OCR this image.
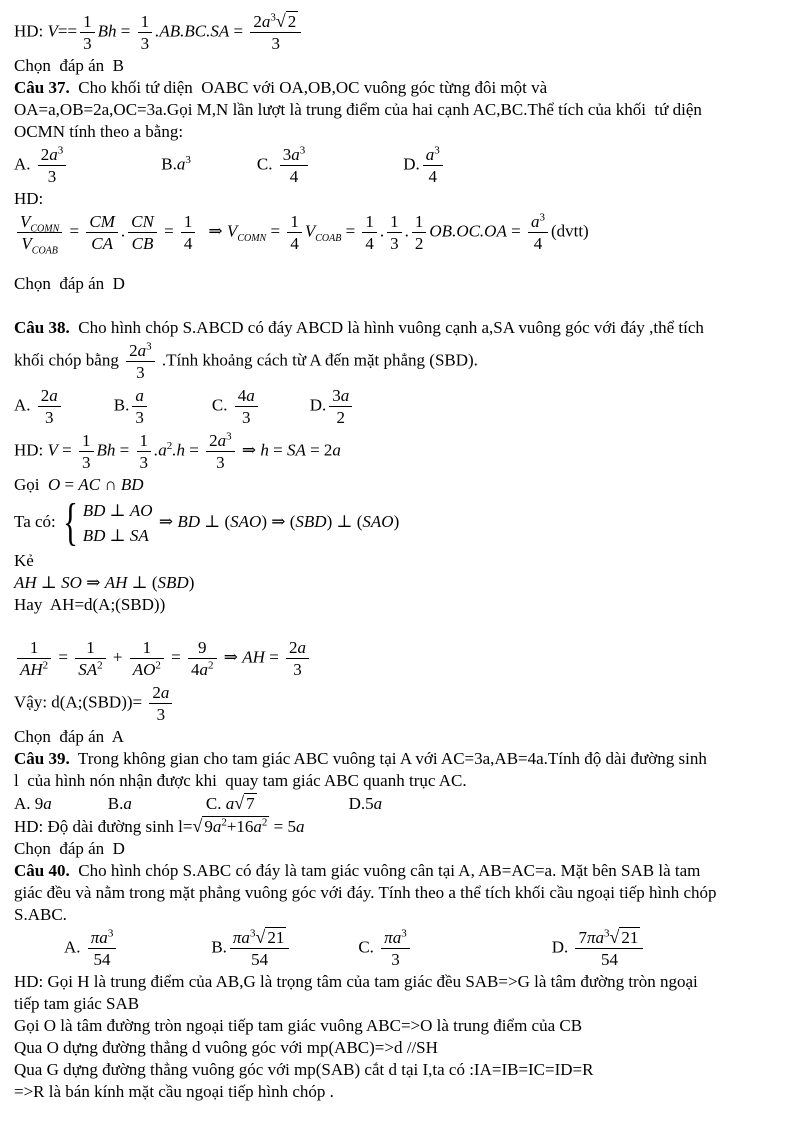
HD: $V== \frac{1}{3}$ $Bh = \frac{1}{3} .AB.BC.SA = \frac{2a^3√ 2}{3}$
Chọn  đáp án  B
Câu 37.  Cho khối tứ diện  OABC với OA,OB,OC vuông góc từng đôi một và
OA=a,OB=2a,OC=3a.Gọi M,N lần lượt là trung điểm của hai cạnh AC,BC.Thể tích của khối  tứ diện
OCMN tính theo a bằng:
A. $\frac{2a^3}{3}$	$B.a^3$	C. $\frac{3a^3}{4}$	D. $\frac{a^3}{4}$
HD:
$V_{COMN}$
$V_{COAB}$
= $\frac{CM}{CA}$ . $\frac{CN}{CB} = \frac{1}{4}$ ⇒ $V_{COMN} = \frac{1}{4} V_{COAB} = \frac{1}{4}$ . $\frac{1}{3}$ . $\frac{1}{2} OB.OC.OA = \frac{a^3}{4}$ (dvtt)
Chọn  đáp án  D
Câu 38.  Cho hình chóp S.ABCD có đáy ABCD là hình vuông cạnh a,SA vuông góc với đáy ,thể tích
khối chóp bằng $\frac{2a^3}{3}$ .Tính khoảng cách từ A đến mặt phẳng (SBD).
A. $\frac{2a}{3}$	B. $\frac{a}{3}$	C. $\frac{4a}{3}$	D. $\frac{3a}{2}$
HD: $V = \frac{1}{3}$ $Bh = \frac{1}{3} .a^2.h = \frac{2a^3}{3}$ ⇒ h = SA = 2a
Gọi  O = AC ∩ BD
Ta có: { BD ⊥ AO
BD ⊥ SA
⇒ BD ⊥ (SAO) ⇒ (SBD) ⊥ (SAO)
Kẻ
AH ⊥ SO ⇒ AH ⊥ (SBD)
Hay  AH=d(A;(SBD))
$\frac{1}{AH^2} = \frac{1}{SA^2} + \frac{1}{AO^2} = \frac{9}{4a^2}$ ⇒ AH = $\frac{2a}{3}$
Vậy: d(A;(SBD))= $\frac{2a}{3}$
Chọn  đáp án  A
Câu 39.  Trong không gian cho tam giác ABC vuông tại A với AC=3a,AB=4a.Tính độ dài đường sinh
l  của hình nón nhận được khi  quay tam giác ABC quanh trục AC.
A. 9a	B.a	C. a√ 7	D.5a
HD: Độ dài đường sinh l=√ $9a^2+16a^2 = 5a$
Chọn  đáp án  D
Câu 40.  Cho hình chóp S.ABC có đáy là tam giác vuông cân tại A, AB=AC=a. Mặt bên SAB là tam
giác đều và nằm trong mặt phẳng vuông góc với đáy. Tính theo a thể tích khối cầu ngoại tiếp hình chóp
S.ABC.
A. $\frac{\pi a^3}{54}$	B. $\frac{\pi a^3√ 21}{54}$	C. $\frac{\pi a^3}{3}$	D. $\frac{7\pi a^3√ 21}{54}$
HD: Gọi H là trung điểm của AB,G là trọng tâm của tam giác đều SAB=>G là tâm đường tròn ngoại
tiếp tam giác SAB
Gọi O là tâm đường tròn ngoại tiếp tam giác vuông ABC=>O là trung điểm của CB
Qua O dựng đường thẳng d vuông góc với mp(ABC)=>d //SH
Qua G dựng đường thẳng vuông góc với mp(SAB) cắt d tại I,ta có :IA=IB=IC=ID=R
=>R là bán kính mặt cầu ngoại tiếp hình chóp .
